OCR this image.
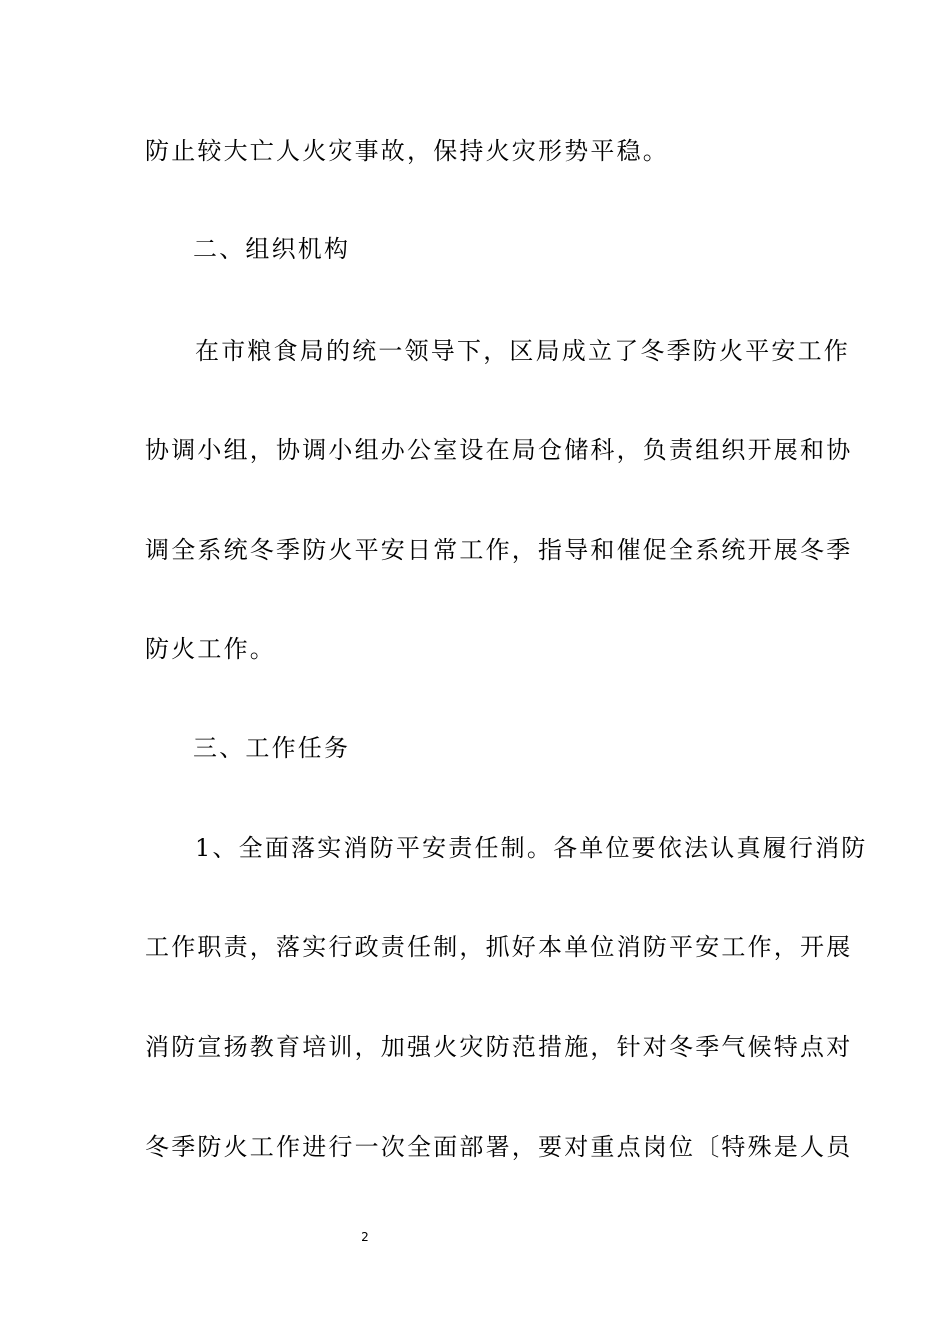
防止较大亡人火灾事故，保持火灾形势平稳。
二、组织机构
在市粮食局的统一领导下，区局成立了冬季防火平安工作
协调小组，协调小组办公室设在局仓储科，负责组织开展和协
调全系统冬季防火平安日常工作，指导和催促全系统开展冬季
防火工作。
三、工作任务
1、全面落实消防平安责任制。各单位要依法认真履行消防
工作职责，落实行政责任制，抓好本单位消防平安工作，开展
消防宣扬教育培训，加强火灾防范措施，针对冬季气候特点对
冬季防火工作进行一次全面部署，要对重点岗位〔特殊是人员
2
